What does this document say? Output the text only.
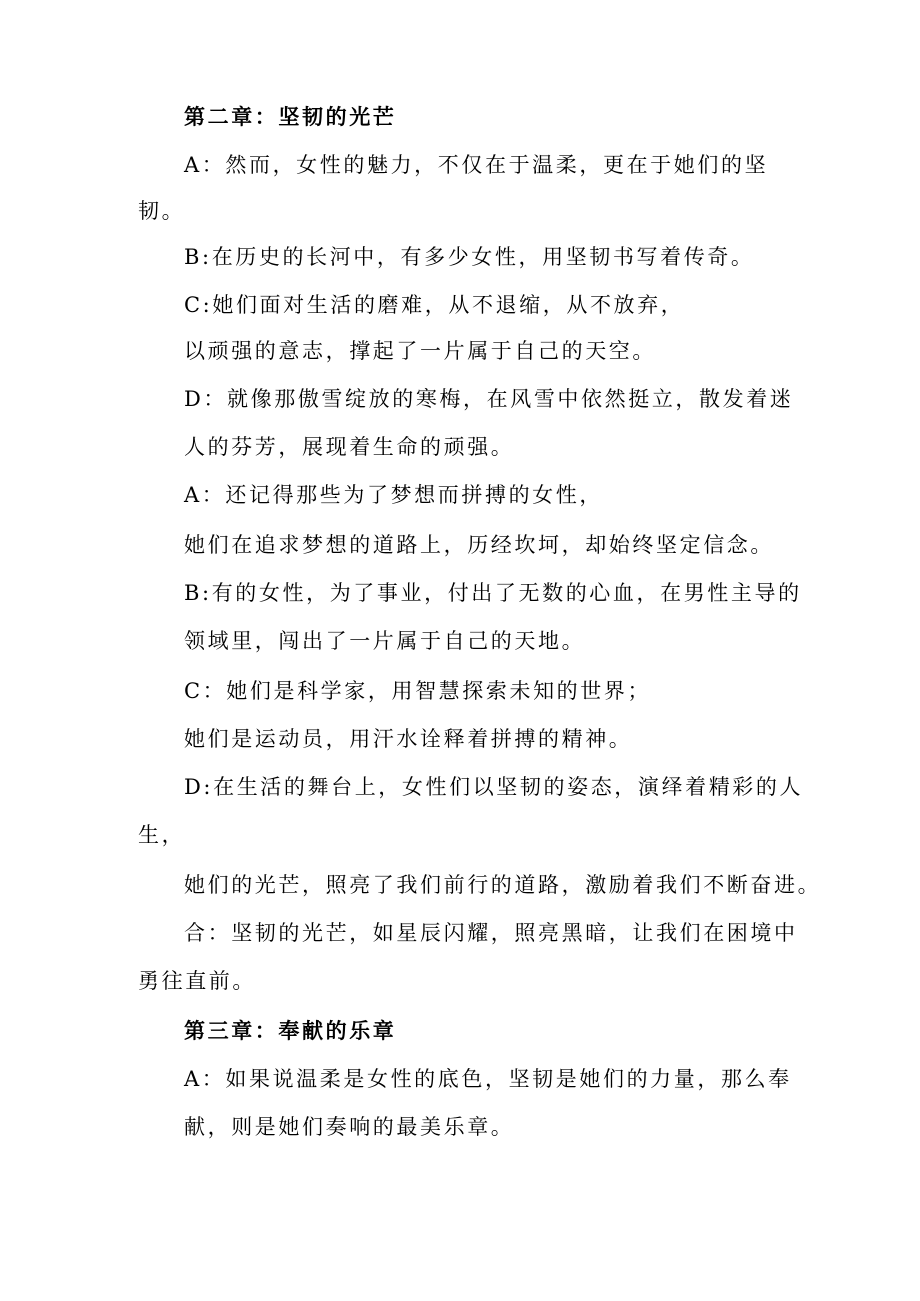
第二章：坚韧的光芒
A：然而，女性的魅力，不仅在于温柔，更在于她们的坚
韧。
B:在历史的长河中，有多少女性，用坚韧书写着传奇。
C:她们面对生活的磨难，从不退缩，从不放弃，
以顽强的意志，撑起了一片属于自己的天空。
D：就像那傲雪绽放的寒梅，在风雪中依然挺立，散发着迷
人的芬芳，展现着生命的顽强。
A：还记得那些为了梦想而拼搏的女性，
她们在追求梦想的道路上，历经坎坷，却始终坚定信念。
B:有的女性，为了事业，付出了无数的心血，在男性主导的
领域里，闯出了一片属于自己的天地。
C：她们是科学家，用智慧探索未知的世界；
她们是运动员，用汗水诠释着拼搏的精神。
D:在生活的舞台上，女性们以坚韧的姿态，演绎着精彩的人
生，
她们的光芒，照亮了我们前行的道路，激励着我们不断奋进。
合：坚韧的光芒，如星辰闪耀，照亮黑暗，让我们在困境中
勇往直前。
第三章：奉献的乐章
A：如果说温柔是女性的底色，坚韧是她们的力量，那么奉
献，则是她们奏响的最美乐章。
